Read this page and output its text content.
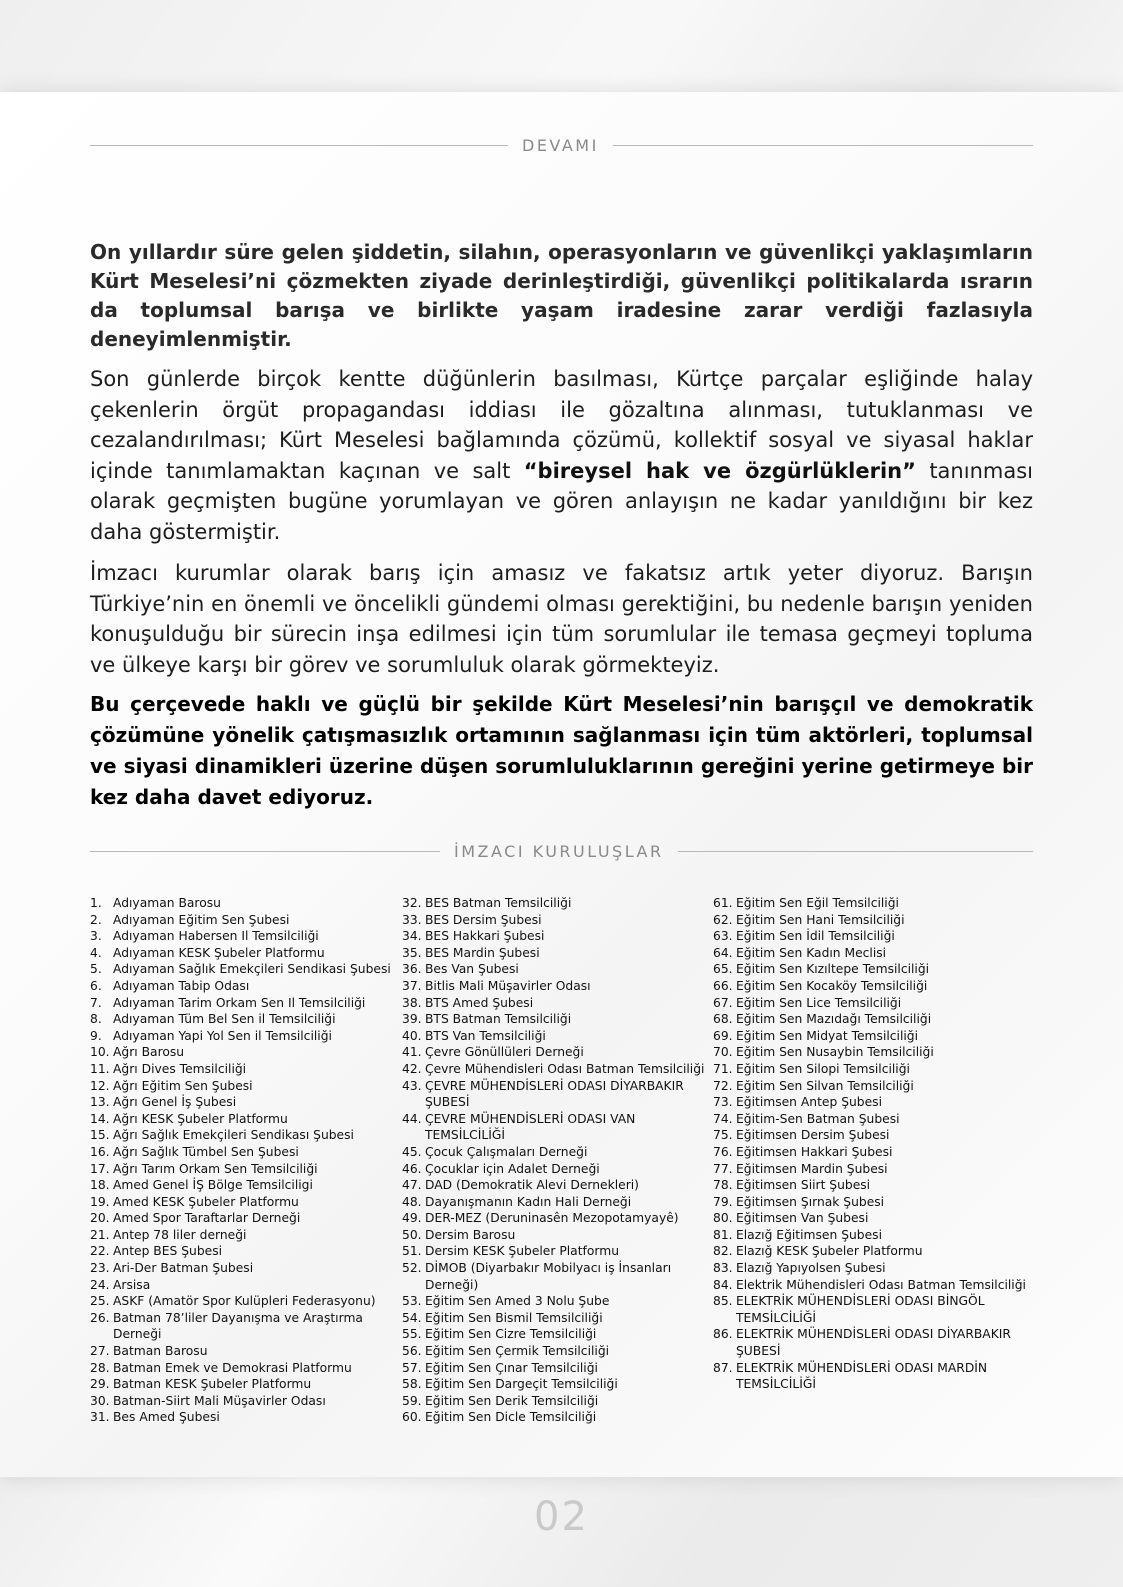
DEVAMI
On yıllardır süre gelen şiddetin, silahın, operasyonların ve güvenlikçi yaklaşımların Kürt Meselesi’ni çözmekten ziyade derinleştirdiği, güvenlikçi politikalarda ısrarın da toplumsal barışa ve birlikte yaşam iradesine zarar verdiği fazlasıyla deneyimlenmiştir.
Son günlerde birçok kentte düğünlerin basılması, Kürtçe parçalar eşliğinde halay çekenlerin örgüt propagandası iddiası ile gözaltına alınması, tutuklanması ve cezalandırılması; Kürt Meselesi bağlamında çözümü, kollektif sosyal ve siyasal haklar içinde tanımlamaktan kaçınan ve salt “bireysel hak ve özgürlüklerin” tanınması olarak geçmişten bugüne yorumlayan ve gören anlayışın ne kadar yanıldığını bir kez daha göstermiştir.
İmzacı kurumlar olarak barış için amasız ve fakatsız artık yeter diyoruz. Barışın Türkiye’nin en önemli ve öncelikli gündemi olması gerektiğini, bu nedenle barışın yeniden konuşulduğu bir sürecin inşa edilmesi için tüm sorumlular ile temasa geçmeyi topluma ve ülkeye karşı bir görev ve sorumluluk olarak görmekteyiz.
Bu çerçevede haklı ve güçlü bir şekilde Kürt Meselesi’nin barışçıl ve demokratik çözümüne yönelik çatışmasızlık ortamının sağlanması için tüm aktörleri, toplumsal ve siyasi dinamikleri üzerine düşen sorumluluklarının gereğini yerine getirmeye bir kez daha davet ediyoruz.
İMZACI KURULUŞLAR
1. Adıyaman Barosu
2. Adıyaman Eğitim Sen Şubesi
3. Adıyaman Habersen Il Temsilciliği
4. Adıyaman KESK Şubeler Platformu
5. Adıyaman Sağlık Emekçileri Sendikasi Şubesi
6. Adıyaman Tabip Odası
7. Adıyaman Tarim Orkam Sen Il Temsilciliği
8. Adıyaman Tüm Bel Sen il Temsilciliği
9. Adıyaman Yapi Yol Sen il Temsilciliği
10. Ağrı Barosu
11. Ağrı Dives Temsilciliği
12. Ağrı Eğitim Sen Şubesi
13. Ağrı Genel İş Şubesi
14. Ağrı KESK Şubeler Platformu
15. Ağrı Sağlık Emekçileri Sendikası Şubesi
16. Ağrı Sağlık Tümbel Sen Şubesi
17. Ağrı Tarım Orkam Sen Temsilciliği
18. Amed Genel İŞ Bölge Temsilciligi
19. Amed KESK Şubeler Platformu
20. Amed Spor Taraftarlar Derneği
21. Antep 78 liler derneği
22. Antep BES Şubesi
23. Ari-Der Batman Şubesi
24. Arsisa
25. ASKF (Amatör Spor Kulüpleri Federasyonu)
26. Batman 78’liler Dayanışma ve Araştırma Derneği
27. Batman Barosu
28. Batman Emek ve Demokrasi Platformu
29. Batman KESK Şubeler Platformu
30. Batman-Siirt Mali Müşavirler Odası
31. Bes Amed Şubesi
32. BES Batman Temsilciliği
33. BES Dersim Şubesi
34. BES Hakkari Şubesi
35. BES Mardin Şubesi
36. Bes Van Şubesi
37. Bitlis Mali Müşavirler Odası
38. BTS Amed Şubesi
39. BTS Batman Temsilciliği
40. BTS Van Temsilciliği
41. Çevre Gönüllüleri Derneği
42. Çevre Mühendisleri Odası Batman Temsilciliği
43. ÇEVRE MÜHENDİSLERİ ODASI DİYARBAKIR ŞUBESİ
44. ÇEVRE MÜHENDİSLERİ ODASI VAN TEMSİLCİLİĞİ
45. Çocuk Çalışmaları Derneği
46. Çocuklar için Adalet Derneği
47. DAD (Demokratik Alevi Dernekleri)
48. Dayanışmanın Kadın Hali Derneği
49. DER-MEZ (Deruninasên Mezopotamyayê)
50. Dersim Barosu
51. Dersim KESK Şubeler Platformu
52. DİMOB (Diyarbakır Mobilyacı iş İnsanları Derneği)
53. Eğitim Sen Amed 3 Nolu Şube
54. Eğitim Sen Bismil Temsilciliği
55. Eğitim Sen Cizre Temsilciliği
56. Eğitim Sen Çermik Temsilciliği
57. Eğitim Sen Çınar Temsilciliği
58. Eğitim Sen Dargeçit Temsilciliği
59. Eğitim Sen Derik Temsilciliği
60. Eğitim Sen Dicle Temsilciliği
61. Eğitim Sen Eğil Temsilciliği
62. Eğitim Sen Hani Temsilciliği
63. Eğitim Sen İdil Temsilciliği
64. Eğitim Sen Kadın Meclisi
65. Eğitim Sen Kızıltepe Temsilciliği
66. Eğitim Sen Kocaköy Temsilciliği
67. Eğitim Sen Lice Temsilciliği
68. Eğitim Sen Mazıdağı Temsilciliği
69. Eğitim Sen Midyat Temsilciliği
70. Eğitim Sen Nusaybin Temsilciliği
71. Eğitim Sen Silopi Temsilciliği
72. Eğitim Sen Silvan Temsilciliği
73. Eğitimsen Antep Şubesi
74. Eğitim-Sen Batman Şubesi
75. Eğitimsen Dersim Şubesi
76. Eğitimsen Hakkari Şubesi
77. Eğitimsen Mardin Şubesi
78. Eğitimsen Siirt Şubesi
79. Eğitimsen Şırnak Şubesi
80. Eğitimsen Van Şubesi
81. Elazığ Eğitimsen Şubesi
82. Elazığ KESK Şubeler Platformu
83. Elazığ Yapıyolsen Şubesi
84. Elektrik Mühendisleri Odası Batman Temsilciliği
85. ELEKTRİK MÜHENDİSLERİ ODASI BİNGÖL TEMSİLCİLİĞİ
86. ELEKTRİK MÜHENDİSLERİ ODASI DİYARBAKIR ŞUBESİ
87. ELEKTRİK MÜHENDİSLERİ ODASI MARDİN TEMSİLCİLİĞİ
02
